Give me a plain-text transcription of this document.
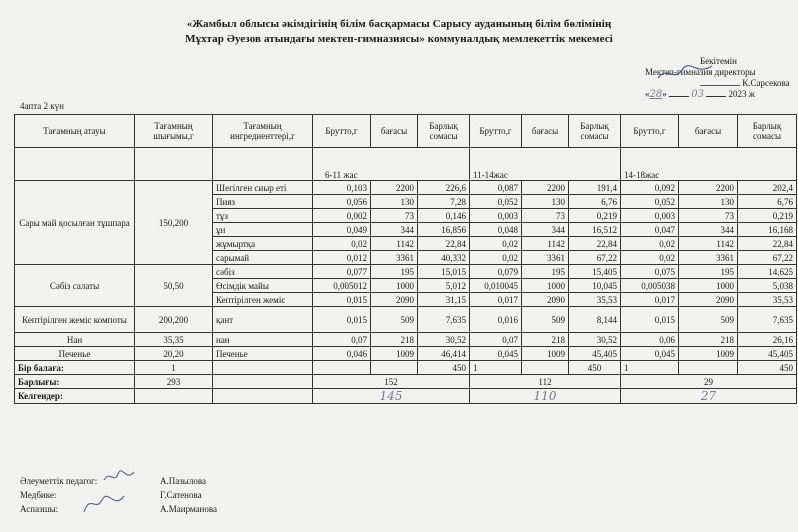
«Жамбыл облысы әкімдігінің білім басқармасы Сарысу ауданының білім бөлімінің
Мұхтар Әуезов атындағы мектеп-гимназиясы» коммуналдық мемлекеттік мекемесі
Бекітемін
Мектеп-гимназия директоры
К.Сарсекова
«28»  03	2023 ж
4апта 2 күн
Тағамның атауы	Тағамның шығымы,г	Тағамның ингредиенттері,г	Брутто,г	бағасы	Барлық сомасы	Брутто,г	бағасы	Барлық сомасы	Брутто,г	бағасы	Барлық сомасы
			6-11 жас			11-14жас			14-18жас		
Сары май қосылған тұшпара	150,200	Шегілген сиыр еті	0,103	2200	226,6	0,087	2200	191,4	0,092	2200	202,4
		Пияз	0,056	130	7,28	0,052	130	6,76	0,052	130	6,76
		тұз	0,002	73	0,146	0,003	73	0,219	0,003	73	0,219
		ұн	0,049	344	16,856	0,048	344	16,512	0,047	344	16,168
		жұмыртқа	0,02	1142	22,84	0,02	1142	22,84	0,02	1142	22,84
		сарымай	0,012	3361	40,332	0,02	3361	67,22	0,02	3361	67,22
Сәбіз салаты	50,50	сәбіз	0,077	195	15,015	0,079	195	15,405	0,075	195	14,625
		Өсімдік майы	0,005012	1000	5,012	0,010045	1000	10,045	0,005038	1000	5,038
		Кептірілген жеміс	0,015	2090	31,15	0,017	2090	35,53	0,017	2090	35,53
Кептірілген жеміс компоты	200,200	қант	0,015	509	7,635	0,016	509	8,144	0,015	509	7,635
Нан	35,35	нан	0,07	218	30,52	0,07	218	30,52	0,06	218	26,16
Печенье	20,20	Печенье	0,046	1009	46,414	0,045	1009	45,405	0,045	1009	45,405
Бір балаға:	1				450	1		450	1		450
Барлығы:	293		152			112			29		
Келгендер:			145			110			27		
Әлеуметтік педагог:	А.Пазылова
Медбике:	Г.Сатенова
Аспазшы:	А.Маирманова
